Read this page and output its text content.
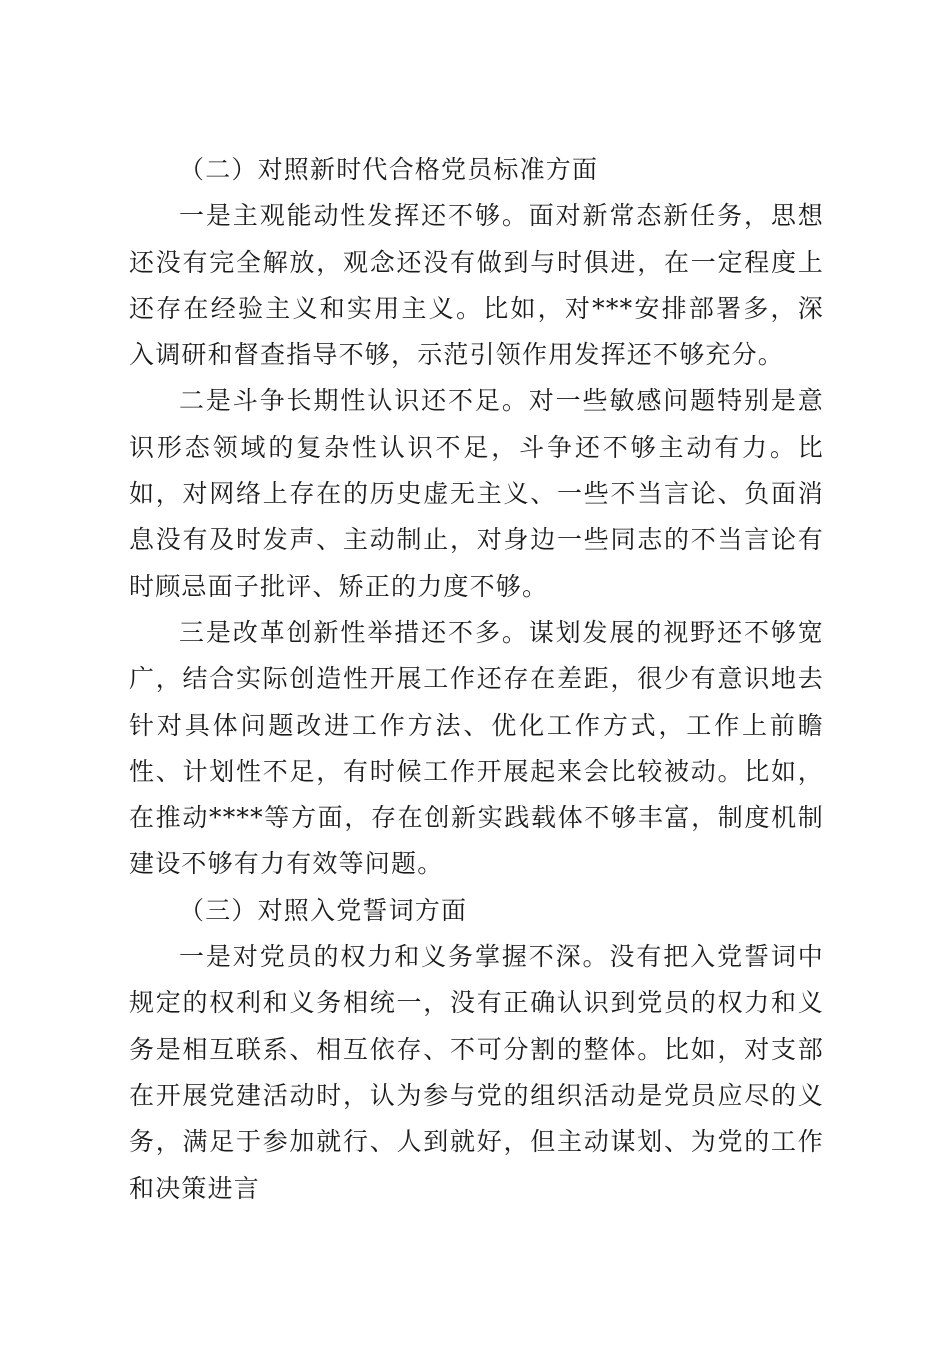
（二）对照新时代合格党员标准方面

一是主观能动性发挥还不够。面对新常态新任务，思想还没有完全解放，观念还没有做到与时俱进，在一定程度上还存在经验主义和实用主义。比如，对***安排部署多，深入调研和督查指导不够，示范引领作用发挥还不够充分。

二是斗争长期性认识还不足。对一些敏感问题特别是意识形态领域的复杂性认识不足，斗争还不够主动有力。比如，对网络上存在的历史虚无主义、一些不当言论、负面消息没有及时发声、主动制止，对身边一些同志的不当言论有时顾忌面子批评、矫正的力度不够。

三是改革创新性举措还不多。谋划发展的视野还不够宽广，结合实际创造性开展工作还存在差距，很少有意识地去针对具体问题改进工作方法、优化工作方式，工作上前瞻性、计划性不足，有时候工作开展起来会比较被动。比如，在推动****等方面，存在创新实践载体不够丰富，制度机制建设不够有力有效等问题。

（三）对照入党誓词方面

一是对党员的权力和义务掌握不深。没有把入党誓词中规定的权利和义务相统一，没有正确认识到党员的权力和义务是相互联系、相互依存、不可分割的整体。比如，对支部在开展党建活动时，认为参与党的组织活动是党员应尽的义务，满足于参加就行、人到就好，但主动谋划、为党的工作和决策进言
